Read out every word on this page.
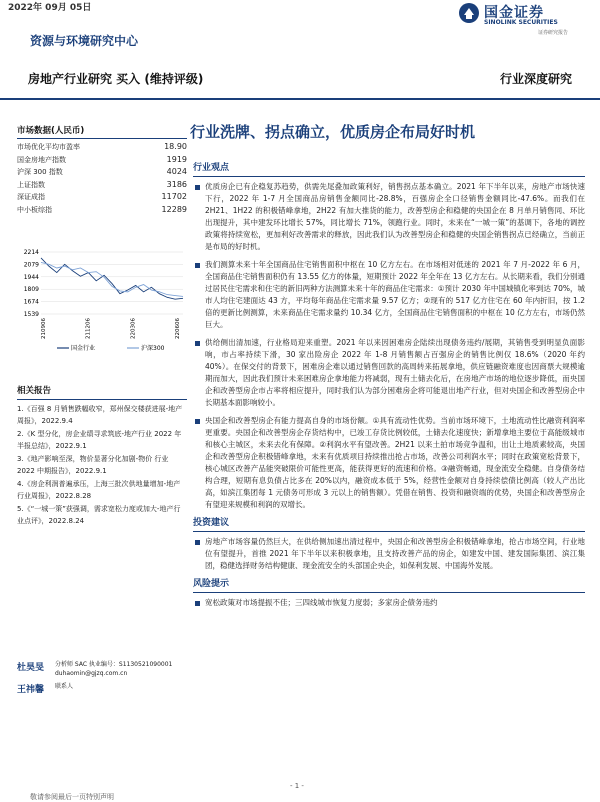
2022年 09月 05日	国金证券
SINOLINK SECURITIES
证券研究报告
资源与环境研究中心
房地产行业研究 买入 (维持评级)	行业深度研究
行业洗牌、拐点确立，优质房企布局好时机
市场数据(人民币)
市场优化平均市盈率	18.90
国金房地产指数	1919
沪深 300 指数	4024
上证指数	3186
深证成指	11702
中小板综指	12289
2214
2079
1944
1809
1674
1539
210906	211206	220306	220606
国金行业	沪深300
相关报告
1.《百强 8 月销售跌幅收窄，郑州保交楼获进展-地产周报》，2022.9.4
2.《K 型分化，房企业绩寻求筑底-地产行业 2022 年半报总结》，2022.9.1
3.《地产影响至深，物价显著分化加剧-物价 行业 2022 中期报告》，2022.9.1
4.《房企利润普遍承压，上海三批次供地量增加-地产行业周报》，2022.8.28
5.《“一城一策”获强调，需求宽松力度或加大-地产行业点评》，2022.8.24
杜昊旻	分析师 SAC 执业编号：S1130521090001
duhaomin@gjzq.com.cn
王祎馨	联系人
行业观点
优质房企已有企稳复苏趋势，供需先尾叠加政策利好，销售拐点基本确立。2021 年下半年以来，房地产市场快速下行，2022 年 1-7 月全国商品房销售金额同比-28.8%，百强房企全口径销售金额同比-47.6%。而我们在 2H21、1H22 的积极错峰拿地，2H22 有加大推货的能力，改善型房企和稳健的央国企在 8 月单月销售同、环比出现提升，其中建发环比增长 57%，同比增长 71%，领跑行业。同时，未来在“一城一策”的基调下，各地的调控政策将持续宽松，更加利好改善需求的释放，因此我们认为改善型房企和稳健的央国企销售拐点已经确立，当前正是布局的好时机。
我们测算未来十年全国商品住宅销售面积中枢在 10 亿方左右。在市场相对低迷的 2021 年 7 月-2022 年 6 月，全国商品住宅销售面积仍有 13.55 亿方的体量，短期预计 2022 年全年在 13 亿方左右。从长期来看，我们分别通过居民住宅需求和住宅的新旧两种方法测算未来十年的商品住宅需求：①预计 2030 年中国城镇化率到达 70%，城市人均住宅建面达 43 方，平均每年商品住宅需求量 9.57 亿方；②现有的 517 亿方住宅在 60 年内折旧，按 1.2 倍的更新比例测算，未来商品住宅需求量约 10.34 亿方，全国商品住宅销售面积的中枢在 10 亿方左右，市场仍然巨大。
供给侧出清加速，行业格局迎来重塑。2021 年以来因困难房企陆续出现债务违约/展期，其销售受到明显负面影响，市占率持续下滑，30 家出险房企 2022 年 1-8 月销售额占百强房企的销售比例仅 18.6%（2020 年约 40%）。在保交付的背景下，困难房企难以通过销售回款的高周转来拓展拿地，供应链融资难度也因商票大规模逾期而加大，因此我们预计未来困难房企拿地能力将减弱，现有土储去化后，在房地产市场的地位逐步降低，而央国企和改善型房企市占率将相应提升，同时我们认为部分困难房企将可能退出地产行业，但对央国企和改善型房企中长期基本面影响较小。
央国企和改善型房企有能力提高自身的市场份额。①具有流动性优势。当前市场环境下，土地流动性比融资利润率更重要。央国企和改善型房企存货结构中，已竣工存货比例较低，土储去化速度快；新增拿地主要位于高能级城市和核心主城区，未来去化有保障。②利润水平有望改善。2H21 以来土拍市场竞争温和，出让土地质素较高，央国企和改善型房企积极错峰拿地，未来有优质项目持续推出抢占市场，改善公司利润水平；同时在政策宽松背景下，核心城区改善产品能突破限价可能性更高，能获得更好的流速和价格。③融资畅通，现金流安全稳健。自身债务结构合理，短期有息负债占比多在 20%以内，融资成本低于 5%，经营性金额对自身持续偿债比例高（较人产出比高，如滨江集团每 1 元债务可形成 3 元以上的销售额）。凭借在销售、投资和融资端的优势，央国企和改善型房企有望迎来规模和利润的双增长。
投资建议
房地产市场容量仍然巨大，在供给侧加速出清过程中，央国企和改善型房企积极错峰拿地，抢占市场空间，行业地位有望提升，首推 2021 年下半年以来积极拿地，且支持改善产品的房企，如建发中国、建发国际集团、滨江集团，稳健选择财务结构健康、现金流安全的头部国企央企，如保利发展、中国海外发展。
风险提示
宽松政策对市场提振不佳；三四线城市恢复力度弱；多家房企债务违约
- 1 -
敬请参阅最后一页特别声明
